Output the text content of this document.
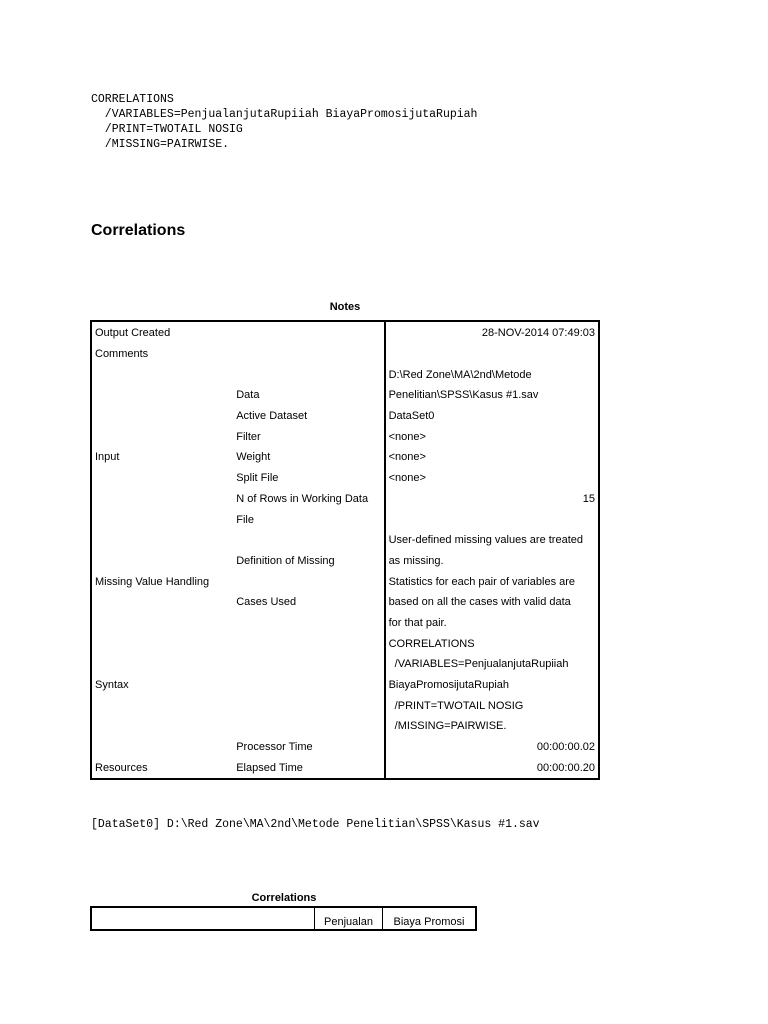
CORRELATIONS
/VARIABLES=PenjualanjutaRupiiah BiayaPromosijutaRupiah
/PRINT=TWOTAIL NOSIG
/MISSING=PAIRWISE.
Correlations
Notes
Output Created		28-NOV-2014 07:49:03
Comments		
		D:\Red Zone\MA\2nd\Metode
	Data	Penelitian\SPSS\Kasus #1.sav
	Active Dataset	DataSet0
	Filter	<none>
Input	Weight	<none>
	Split File	<none>
	N of Rows in Working Data	15
	File	
		User-defined missing values are treated
	Definition of Missing	as missing.
Missing Value Handling		Statistics for each pair of variables are
	Cases Used	based on all the cases with valid data
		for that pair.
		CORRELATIONS
		/VARIABLES=PenjualanjutaRupiiah
Syntax		BiayaPromosijutaRupiah
		/PRINT=TWOTAIL NOSIG
		/MISSING=PAIRWISE.
	Processor Time	00:00:00.02
Resources	Elapsed Time	00:00:00.20
[DataSet0] D:\Red Zone\MA\2nd\Metode Penelitian\SPSS\Kasus #1.sav
Correlations
	Penjualan	Biaya Promosi
